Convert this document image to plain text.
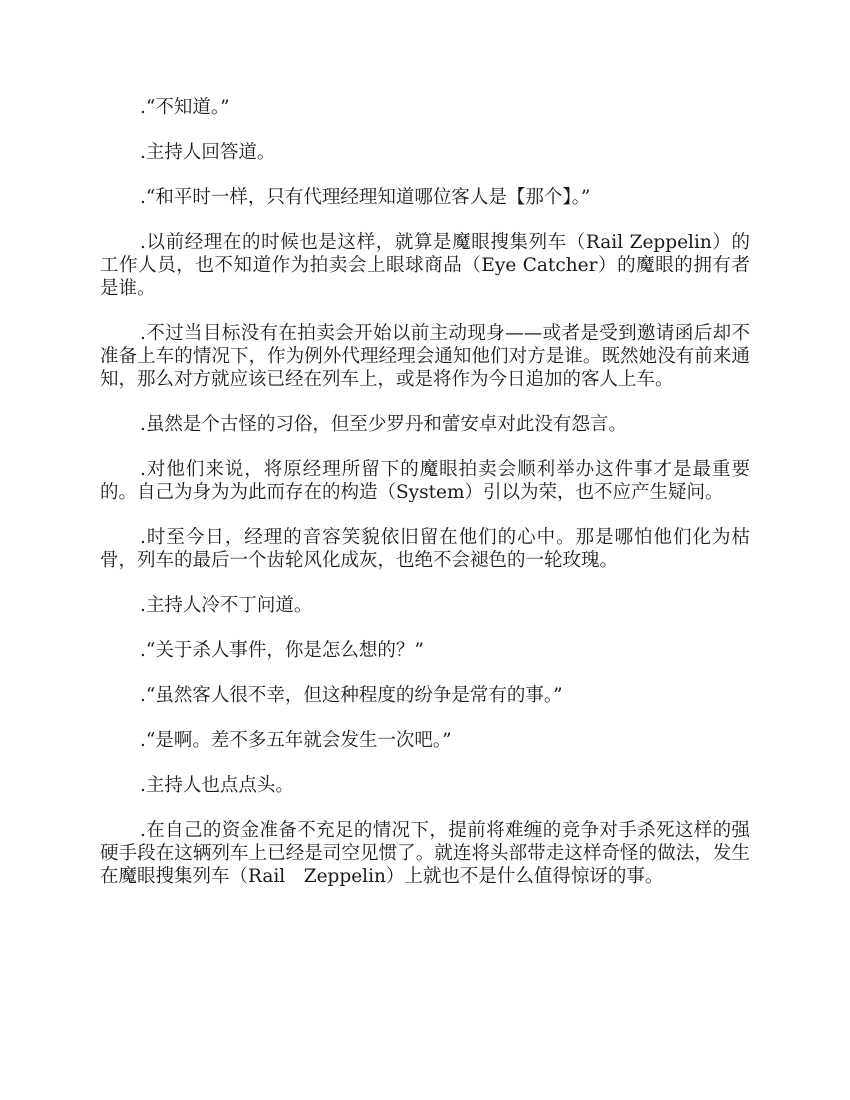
.“不知道。”

.主持人回答道。

.“和平时一样，只有代理经理知道哪位客人是【那个】。”

.以前经理在的时候也是这样，就算是魔眼搜集列车（Rail Zeppelin）的工作人员，也不知道作为拍卖会上眼球商品（Eye Catcher）的魔眼的拥有者是谁。

.不过当目标没有在拍卖会开始以前主动现身——或者是受到邀请函后却不准备上车的情况下，作为例外代理经理会通知他们对方是谁。既然她没有前来通知，那么对方就应该已经在列车上，或是将作为今日追加的客人上车。

.虽然是个古怪的习俗，但至少罗丹和蕾安卓对此没有怨言。

.对他们来说，将原经理所留下的魔眼拍卖会顺利举办这件事才是最重要的。自己为身为为此而存在的构造（System）引以为荣，也不应产生疑问。

.时至今日，经理的音容笑貌依旧留在他们的心中。那是哪怕他们化为枯骨，列车的最后一个齿轮风化成灰，也绝不会褪色的一轮玫瑰。

.主持人冷不丁问道。

.“关于杀人事件，你是怎么想的？”

.“虽然客人很不幸，但这种程度的纷争是常有的事。”

.“是啊。差不多五年就会发生一次吧。”

.主持人也点点头。

.在自己的资金准备不充足的情况下，提前将难缠的竞争对手杀死这样的强硬手段在这辆列车上已经是司空见惯了。就连将头部带走这样奇怪的做法，发生在魔眼搜集列车（Rail　Zeppelin）上就也不是什么值得惊讶的事。
